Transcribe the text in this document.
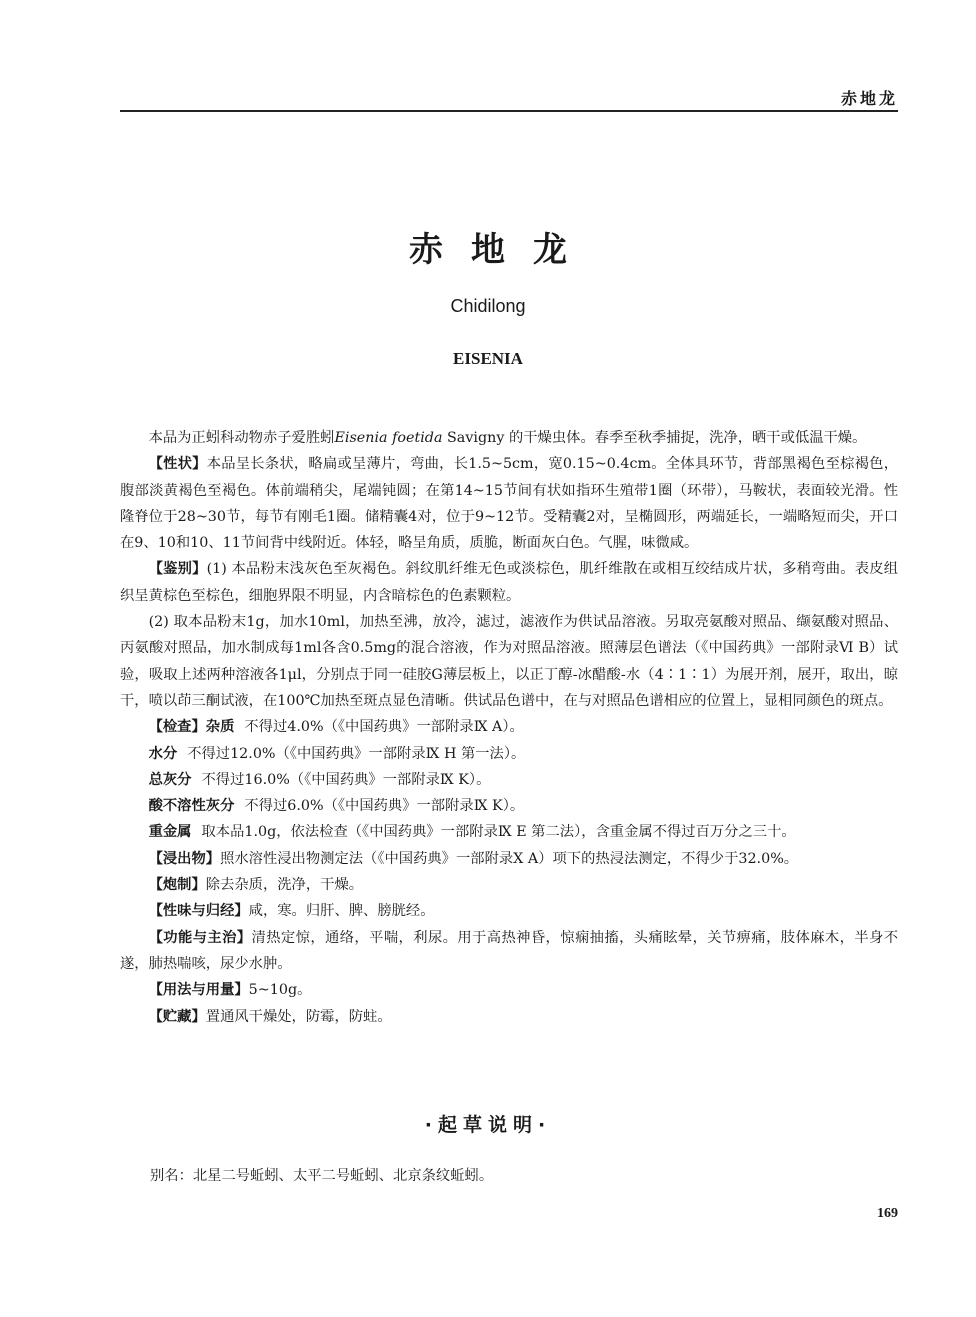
赤地龙
赤地龙
Chidilong
EISENIA

本品为正蚓科动物赤子爱胜蚓Eisenia foetida Savigny 的干燥虫体。春季至秋季捕捉，洗净，晒干或低温干燥。

【性状】本品呈长条状，略扁或呈薄片，弯曲，长1.5~5cm，宽0.15~0.4cm。全体具环节，背部黑褐色至棕褐色，腹部淡黄褐色至褐色。体前端稍尖，尾端钝圆；在第14~15节间有状如指环生殖带1圈（环带），马鞍状，表面较光滑。性隆脊位于28~30节，每节有刚毛1圈。储精囊4对，位于9~12节。受精囊2对，呈椭圆形，两端延长，一端略短而尖，开口在9、10和10、11节间背中线附近。体轻，略呈角质，质脆，断面灰白色。气腥，味微咸。

【鉴别】(1) 本品粉末浅灰色至灰褐色。斜纹肌纤维无色或淡棕色，肌纤维散在或相互绞结成片状，多稍弯曲。表皮组织呈黄棕色至棕色，细胞界限不明显，内含暗棕色的色素颗粒。

(2) 取本品粉末1g，加水10ml，加热至沸，放冷，滤过，滤液作为供试品溶液。另取亮氨酸对照品、缬氨酸对照品、丙氨酸对照品，加水制成每1ml各含0.5mg的混合溶液，作为对照品溶液。照薄层色谱法（《中国药典》一部附录Ⅵ B）试验，吸取上述两种溶液各1μl，分别点于同一硅胶G薄层板上，以正丁醇-冰醋酸-水（4∶1∶1）为展开剂，展开，取出，晾干，喷以茚三酮试液，在100℃加热至斑点显色清晰。供试品色谱中，在与对照品色谱相应的位置上，显相同颜色的斑点。

【检查】杂质 不得过4.0%（《中国药典》一部附录Ⅸ A）。

水分 不得过12.0%（《中国药典》一部附录Ⅸ H 第一法）。

总灰分 不得过16.0%（《中国药典》一部附录Ⅸ K）。

酸不溶性灰分 不得过6.0%（《中国药典》一部附录Ⅸ K）。

重金属 取本品1.0g，依法检查（《中国药典》一部附录Ⅸ E 第二法），含重金属不得过百万分之三十。

【浸出物】照水溶性浸出物测定法（《中国药典》一部附录Ⅹ A）项下的热浸法测定，不得少于32.0%。

【炮制】除去杂质，洗净，干燥。

【性味与归经】咸，寒。归肝、脾、膀胱经。

【功能与主治】清热定惊，通络，平喘，利尿。用于高热神昏，惊痫抽搐，头痛眩晕，关节痹痛，肢体麻木，半身不遂，肺热喘咳，尿少水肿。

【用法与用量】5~10g。

【贮藏】置通风干燥处，防霉，防蛀。

·起草说明·
别名：北星二号蚯蚓、太平二号蚯蚓、北京条纹蚯蚓。
169
